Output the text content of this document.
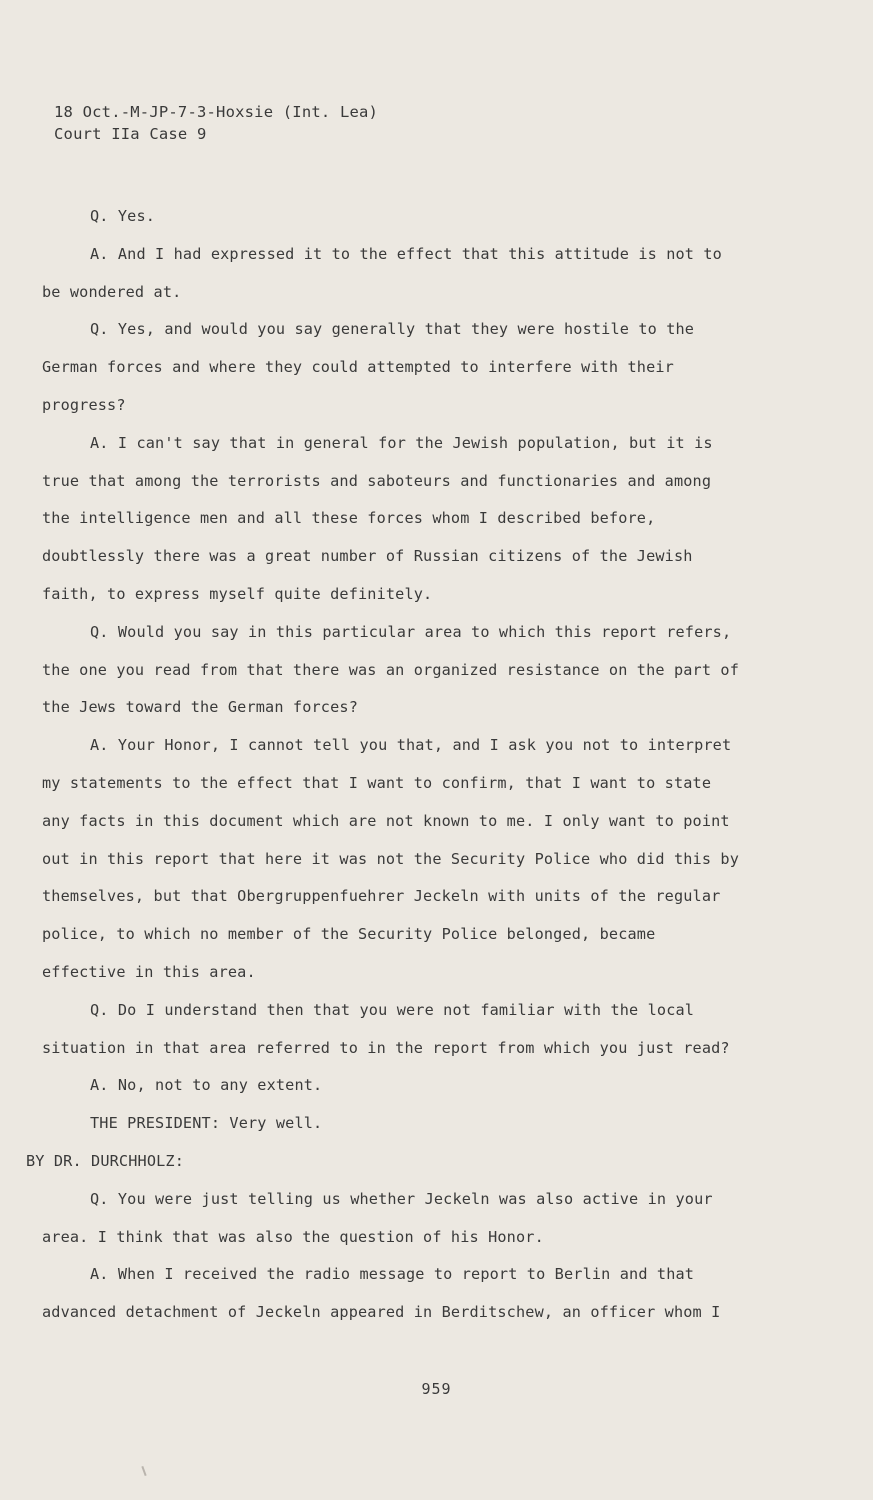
18 Oct.-M-JP-7-3-Hoxsie (Int. Lea)
Court IIa Case 9

Q. Yes.

A. And I had expressed it to the effect that this attitude is not to be wondered at.

Q. Yes, and would you say generally that they were hostile to the German forces and where they could attempted to interfere with their progress?

A. I can't say that in general for the Jewish population, but it is true that among the terrorists and saboteurs and functionaries and among the intelligence men and all these forces whom I described before, doubtlessly there was a great number of Russian citizens of the Jewish faith, to express myself quite definitely.

Q. Would you say in this particular area to which this report refers, the one you read from that there was an organized resistance on the part of the Jews toward the German forces?

A. Your Honor, I cannot tell you that, and I ask you not to interpret my statements to the effect that I want to confirm, that I want to state any facts in this document which are not known to me. I only want to point out in this report that here it was not the Security Police who did this by themselves, but that Obergruppenfuehrer Jeckeln with units of the regular police, to which no member of the Security Police belonged, became effective in this area.

Q. Do I understand then that you were not familiar with the local situation in that area referred to in the report from which you just read?

A. No, not to any extent.

THE PRESIDENT: Very well.

BY DR. DURCHHOLZ:

Q. You were just telling us whether Jeckeln was also active in your area. I think that was also the question of his Honor.

A. When I received the radio message to report to Berlin and that advanced detachment of Jeckeln appeared in Berditschew, an officer whom I

959
